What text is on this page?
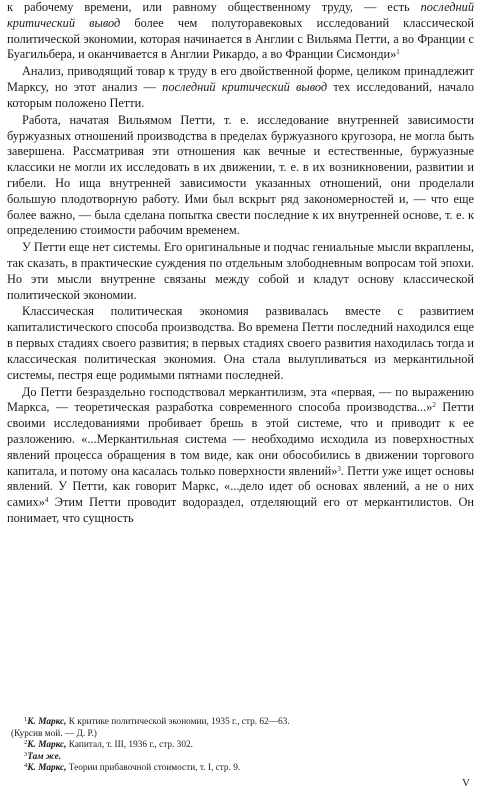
к рабочему времени, или равному общественному труду, — есть последний критический вывод более чем полуторавековых исследований классической политической экономии, которая начинается в Англии с Вильяма Петти, а во Франции с Буагильбера, и оканчивается в Англии Рикардо, а во Франции Сисмонди»$^1$

Анализ, приводящий товар к труду в его двойственной форме, целиком принадлежит Марксу, но этот анализ — последний критический вывод тех исследований, начало которым положено Петти.

Работа, начатая Вильямом Петти, т. е. исследование внутренней зависимости буржуазных отношений производства в пределах буржуазного кругозора, не могла быть завершена. Рассматривая эти отношения как вечные и естественные, буржуазные классики не могли их исследовать в их движении, т. е. в их возникновении, развитии и гибели. Но ища внутренней зависимости указанных отношений, они проделали большую плодотворную работу. Ими был вскрыт ряд закономерностей и, — что еще более важно, — была сделана попытка свести последние к их внутренней основе, т. е. к определению стоимости рабочим временем.

У Петти еще нет системы. Его оригинальные и подчас гениальные мысли вкраплены, так сказать, в практические суждения по отдельным злободневным вопросам той эпохи. Но эти мысли внутренне связаны между собой и кладут основу классической политической экономии.

Классическая политическая экономия развивалась вместе с развитием капиталистического способа производства. Во времена Петти последний находился еще в первых стадиях своего развития; в первых стадиях своего развития находилась тогда и классическая политическая экономия. Она стала вылупливаться из меркантильной системы, пестря еще родимыми пятнами последней.

До Петти безраздельно господствовал меркантилизм, эта «первая, — по выражению Маркса, — теоретическая разработка современного способа производства...»$^2$ Петти своими исследованиями пробивает брешь в этой системе, что и приводит к ее разложению. «...Меркантильная система — необходимо исходила из поверхностных явлений процесса обращения в том виде, как они обособились в движении торгового капитала, и потому она касалась только поверхности явлений»$^3$. Петти уже ищет основы явлений. У Петти, как говорит Маркс, «...дело идет об основах явлений, а не о них самих»$^4$ Этим Петти проводит водораздел, отделяющий его от меркантилистов. Он понимает, что сущность

$^1$К. Маркс, К критике политической экономии, 1935 г., стр. 62—63.

(Курсив мой. — Д. Р.)

$^2$К. Маркс, Капитал, т. III, 1936 г., стр. 302.

$^3$Там же.

$^4$К. Маркс, Теории прибавочной стоимости, т. I, стр. 9.

V
